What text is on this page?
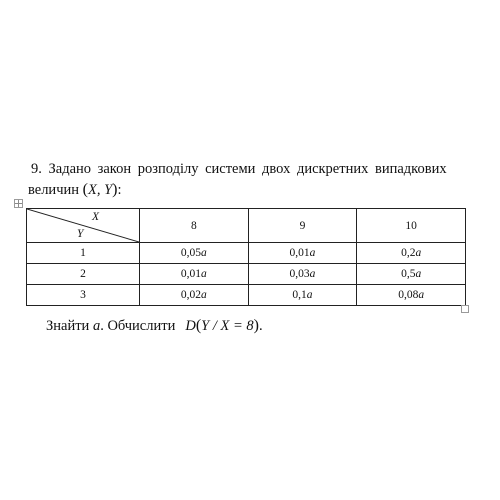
9. Задано закон розподілу системи двох дискретних випадкових
величин (X, Y):
X
Y	8	9	10
1	0,05a	0,01a	0,2a
2	0,01a	0,03a	0,5a
3	0,02a	0,1a	0,08a
Знайти a. Обчислити D(Y / X = 8).
